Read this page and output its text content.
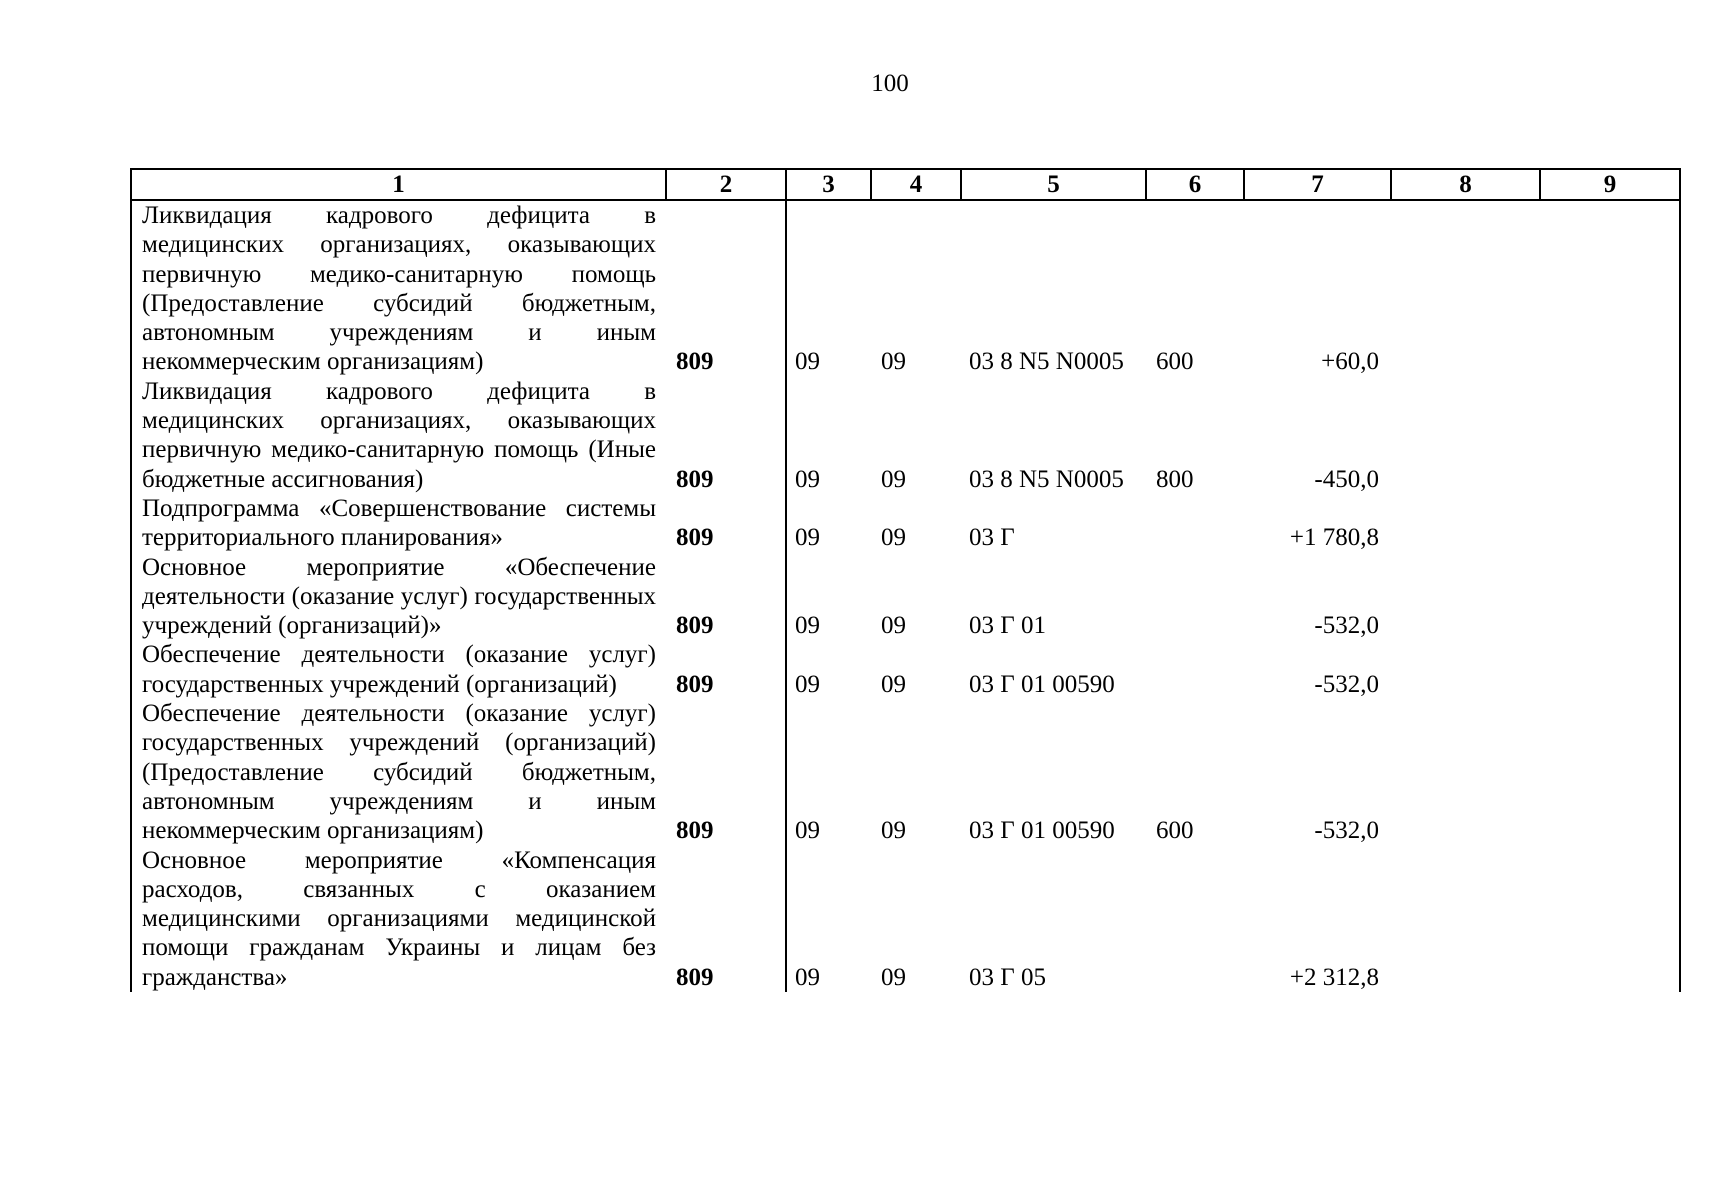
100
1	2	3	4	5	6	7	8	9
Ликвидация кадрового дефицита в медицинских организациях, оказывающих первичную медико-санитарную помощь (Предоставление субсидий бюджетным, автономным учреждениям и иным некоммерческим организациям)	809	09	09	03 8 N5 N0005	600	+60,0		
Ликвидация кадрового дефицита в медицинских организациях, оказывающих первичную медико-санитарную помощь (Иные бюджетные ассигнования)	809	09	09	03 8 N5 N0005	800	-450,0		
Подпрограмма «Совершенствование системы территориального планирования»	809	09	09	03 Г		+1 780,8		
Основное мероприятие «Обеспечение деятельности (оказание услуг) государственных учреждений (организаций)»	809	09	09	03 Г 01		-532,0		
Обеспечение деятельности (оказание услуг) государственных учреждений (организаций)	809	09	09	03 Г 01 00590		-532,0		
Обеспечение деятельности (оказание услуг) государственных учреждений (организаций) (Предоставление субсидий бюджетным, автономным учреждениям и иным некоммерческим организациям)	809	09	09	03 Г 01 00590	600	-532,0		
Основное мероприятие «Компенсация расходов, связанных с оказанием медицинскими организациями медицинской помощи гражданам Украины и лицам без гражданства»	809	09	09	03 Г 05		+2 312,8		
